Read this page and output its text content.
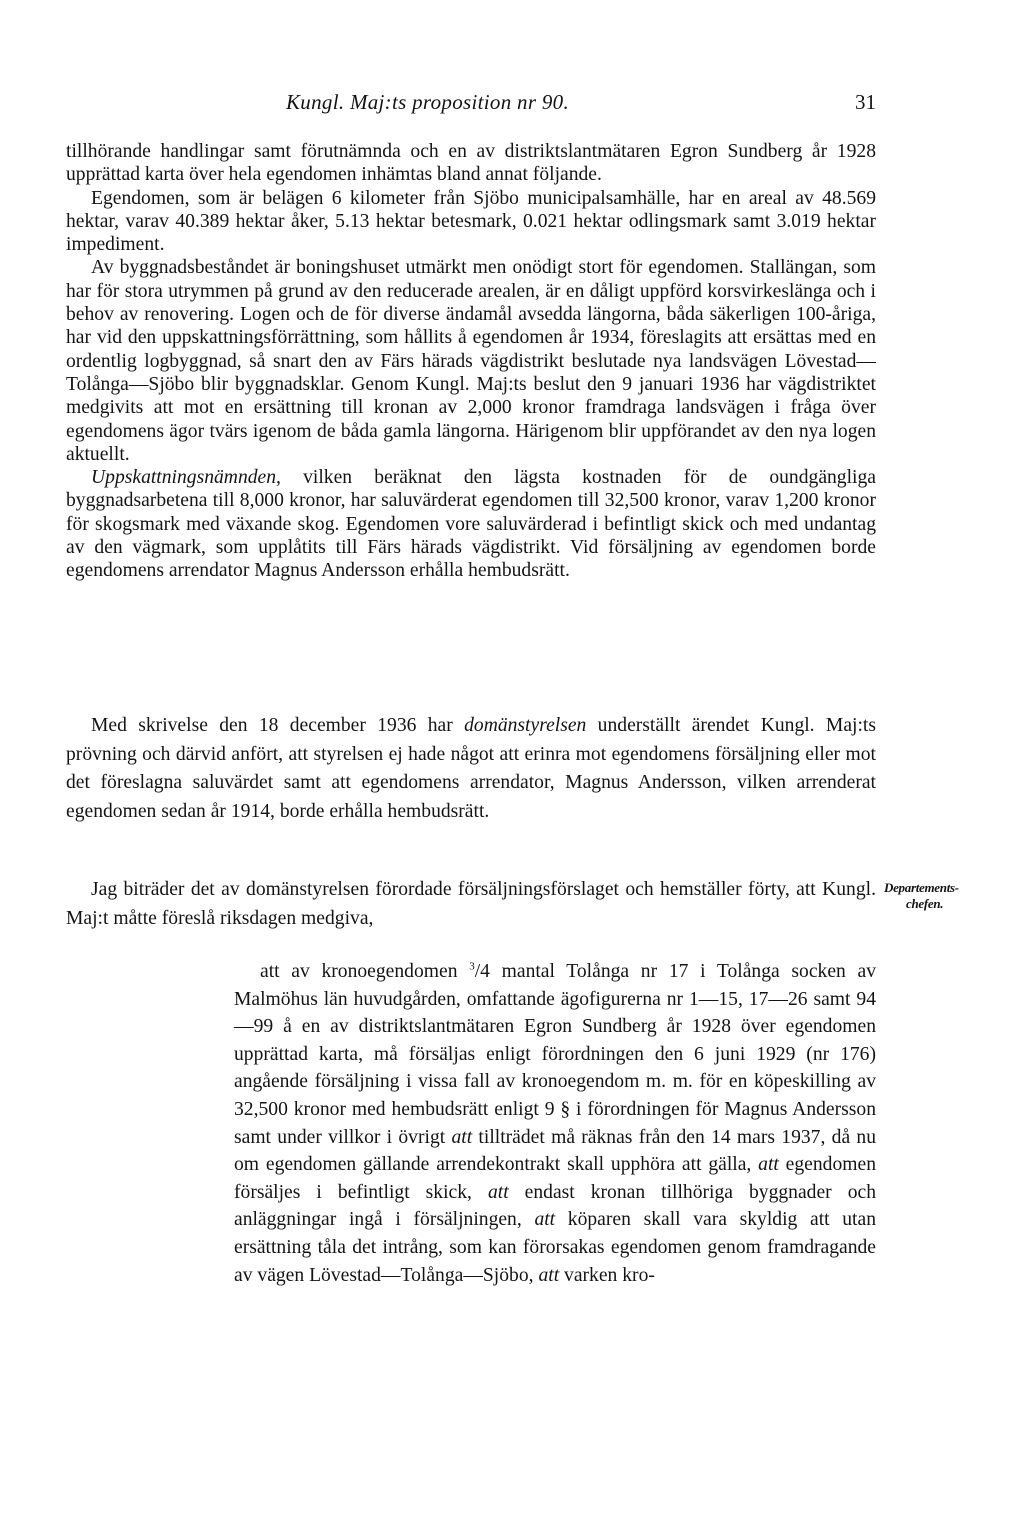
Kungl. Maj:ts proposition nr 90.	31

tillhörande handlingar samt förutnämnda och en av distriktslantmätaren Egron Sundberg år 1928 upprättad karta över hela egendomen inhämtas bland annat följande.

Egendomen, som är belägen 6 kilometer från Sjöbo municipalsamhälle, har en areal av 48.569 hektar, varav 40.389 hektar åker, 5.13 hektar betesmark, 0.021 hektar odlingsmark samt 3.019 hektar impediment.

Av byggnadsbeståndet är boningshuset utmärkt men onödigt stort för egendomen. Stallängan, som har för stora utrymmen på grund av den reducerade arealen, är en dåligt uppförd korsvirkeslänga och i behov av renovering. Logen och de för diverse ändamål avsedda längorna, båda säkerligen 100-åriga, har vid den uppskattningsförrättning, som hållits å egendomen år 1934, föreslagits att ersättas med en ordentlig logbyggnad, så snart den av Färs härads vägdistrikt beslutade nya landsvägen Lövestad—Tolånga—Sjöbo blir byggnadsklar. Genom Kungl. Maj:ts beslut den 9 januari 1936 har vägdistriktet medgivits att mot en ersättning till kronan av 2,000 kronor framdraga landsvägen i fråga över egendomens ägor tvärs igenom de båda gamla längorna. Härigenom blir uppförandet av den nya logen aktuellt.

Uppskattningsnämnden, vilken beräknat den lägsta kostnaden för de oundgängliga byggnadsarbetena till 8,000 kronor, har saluvärderat egendomen till 32,500 kronor, varav 1,200 kronor för skogsmark med växande skog. Egendomen vore saluvärderad i befintligt skick och med undantag av den vägmark, som upplåtits till Färs härads vägdistrikt. Vid försäljning av egendomen borde egendomens arrendator Magnus Andersson erhålla hembudsrätt.

Med skrivelse den 18 december 1936 har domänstyrelsen underställt ärendet Kungl. Maj:ts prövning och därvid anfört, att styrelsen ej hade något att erinra mot egendomens försäljning eller mot det föreslagna saluvärdet samt att egendomens arrendator, Magnus Andersson, vilken arrenderat egendomen sedan år 1914, borde erhålla hembudsrätt.

Jag biträder det av domänstyrelsen förordade försäljningsförslaget och hemställer förty, att Kungl. Maj:t måtte föreslå riksdagen medgiva,

Departements-
chefen.

att av kronoegendomen $^3$/4 mantal Tolånga nr 17 i Tolånga socken av Malmöhus län huvudgården, omfattande ägofigurerna nr 1—15, 17—26 samt 94—99 å en av distriktslantmätaren Egron Sundberg år 1928 över egendomen upprättad karta, må försäljas enligt förordningen den 6 juni 1929 (nr 176) angående försäljning i vissa fall av kronoegendom m. m. för en köpeskilling av 32,500 kronor med hembudsrätt enligt 9 § i förordningen för Magnus Andersson samt under villkor i övrigt att tillträdet må räknas från den 14 mars 1937, då nu om egendomen gällande arrendekontrakt skall upphöra att gälla, att egendomen försäljes i befintligt skick, att endast kronan tillhöriga byggnader och anläggningar ingå i försäljningen, att köparen skall vara skyldig att utan ersättning tåla det intrång, som kan förorsakas egendomen genom framdragande av vägen Lövestad—Tolånga—Sjöbo, att varken kro-
